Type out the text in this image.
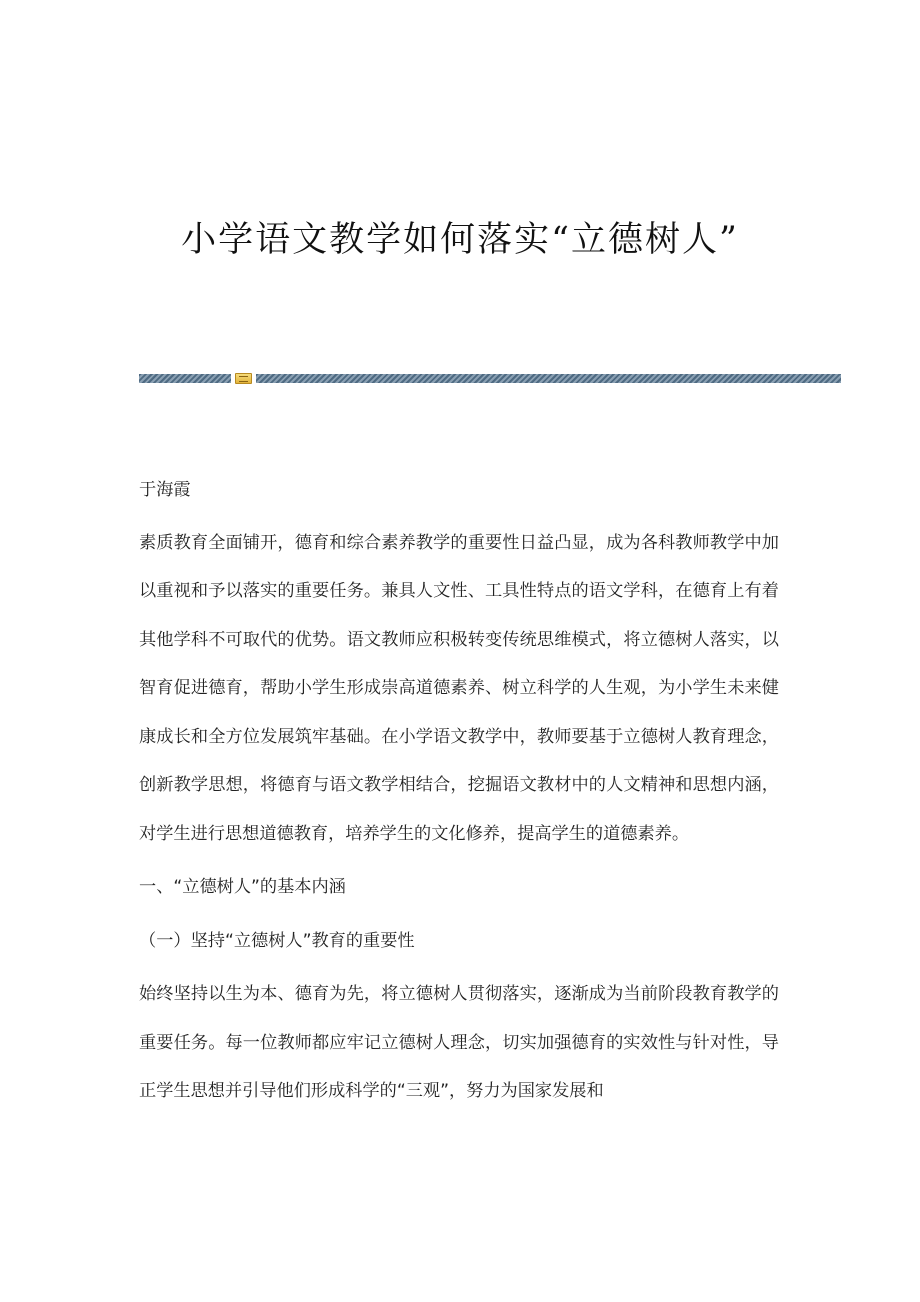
小学语文教学如何落实“立德树人”

于海霞

素质教育全面铺开，德育和综合素养教学的重要性日益凸显，成为各科教师教学中加以重视和予以落实的重要任务。兼具人文性、工具性特点的语文学科，在德育上有着其他学科不可取代的优势。语文教师应积极转变传统思维模式，将立德树人落实，以智育促进德育，帮助小学生形成崇高道德素养、树立科学的人生观，为小学生未来健康成长和全方位发展筑牢基础。在小学语文教学中，教师要基于立德树人教育理念，创新教学思想，将德育与语文教学相结合，挖掘语文教材中的人文精神和思想内涵，对学生进行思想道德教育，培养学生的文化修养，提高学生的道德素养。

一、“立德树人”的基本内涵

（一）坚持“立德树人”教育的重要性

始终坚持以生为本、德育为先，将立德树人贯彻落实，逐渐成为当前阶段教育教学的重要任务。每一位教师都应牢记立德树人理念，切实加强德育的实效性与针对性，导正学生思想并引导他们形成科学的“三观”，努力为国家发展和
